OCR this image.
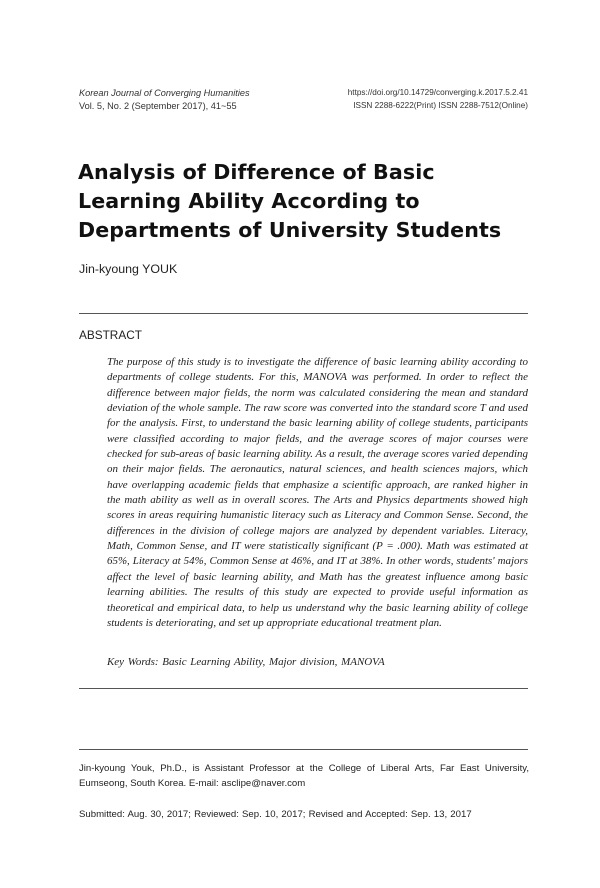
Korean Journal of Converging Humanities
Vol. 5, No. 2 (September 2017), 41~55
https://doi.org/10.14729/converging.k.2017.5.2.41
ISSN 2288-6222(Print) ISSN 2288-7512(Online)
Analysis of Difference of Basic Learning Ability According to Departments of University Students
Jin-kyoung YOUK
ABSTRACT

The purpose of this study is to investigate the difference of basic learning ability according to departments of college students. For this, MANOVA was performed. In order to reflect the difference between major fields, the norm was calculated considering the mean and standard deviation of the whole sample. The raw score was converted into the standard score T and used for the analysis. First, to understand the basic learning ability of college students, participants were classified according to major fields, and the average scores of major courses were checked for sub-areas of basic learning ability. As a result, the average scores varied depending on their major fields. The aeronautics, natural sciences, and health sciences majors, which have overlapping academic fields that emphasize a scientific approach, are ranked higher in the math ability as well as in overall scores. The Arts and Physics departments showed high scores in areas requiring humanistic literacy such as Literacy and Common Sense. Second, the differences in the division of college majors are analyzed by dependent variables. Literacy, Math, Common Sense, and IT were statistically significant (P = .000). Math was estimated at 65%, Literacy at 54%, Common Sense at 46%, and IT at 38%. In other words, students' majors affect the level of basic learning ability, and Math has the greatest influence among basic learning abilities. The results of this study are expected to provide useful information as theoretical and empirical data, to help us understand why the basic learning ability of college students is deteriorating, and set up appropriate educational treatment plan.

Key Words: Basic Learning Ability, Major division, MANOVA

Jin-kyoung Youk, Ph.D., is Assistant Professor at the College of Liberal Arts, Far East University, Eumseong, South Korea. E-mail: asclipe@naver.com

Submitted: Aug. 30, 2017; Reviewed: Sep. 10, 2017; Revised and Accepted: Sep. 13, 2017
